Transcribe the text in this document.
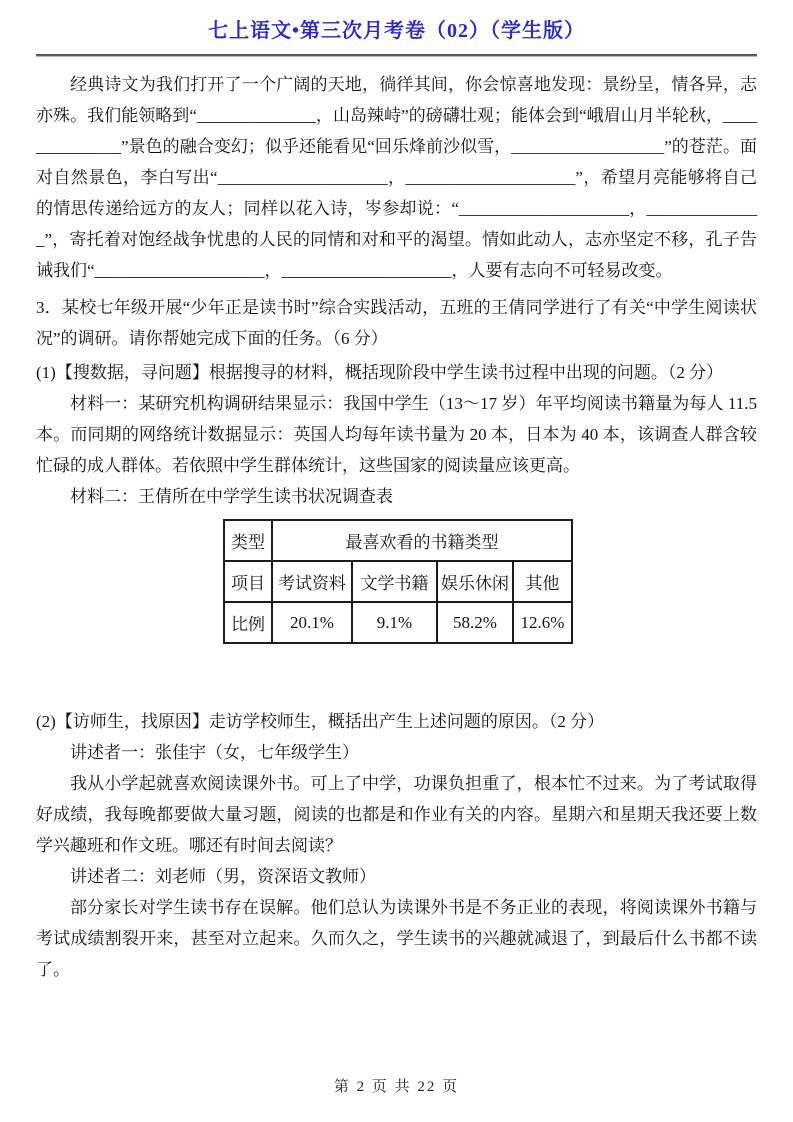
七上语文•第三次月考卷（02）（学生版）

经典诗文为我们打开了一个广阔的天地，徜徉其间，你会惊喜地发现：景纷呈，情各异，志亦殊。我们能领略到“______________，山岛辣峙”的磅礴壮观；能体会到“峨眉山月半轮秋，______________”景色的融合变幻；似乎还能看见“回乐烽前沙似雪，__________________”的苍茫。面对自然景色，李白写出“____________________，____________________”，希望月亮能够将自己的情思传递给远方的友人；同样以花入诗，岑参却说：“____________________，______________”，寄托着对饱经战争忧患的人民的同情和对和平的渴望。情如此动人，志亦坚定不移，孔子告诫我们“____________________，____________________，人要有志向不可轻易改变。

3．某校七年级开展“少年正是读书时”综合实践活动，五班的王倩同学进行了有关“中学生阅读状况”的调研。请你帮她完成下面的任务。（6 分）

(1)【搜数据，寻问题】根据搜寻的材料，概括现阶段中学生读书过程中出现的问题。（2 分）

材料一：某研究机构调研结果显示：我国中学生（13～17 岁）年平均阅读书籍量为每人 11.5 本。而同期的网络统计数据显示：英国人均每年读书量为 20 本，日本为 40 本，该调查人群含较忙碌的成人群体。若依照中学生群体统计，这些国家的阅读量应该更高。

材料二：王倩所在中学学生读书状况调查表

类型	最喜欢看的书籍类型			
项目	考试资料	文学书籍	娱乐休闲	其他
比例	20.1%	9.1%	58.2%	12.6%

(2)【访师生，找原因】走访学校师生，概括出产生上述问题的原因。（2 分）

讲述者一：张佳宇（女，七年级学生）

我从小学起就喜欢阅读课外书。可上了中学，功课负担重了，根本忙不过来。为了考试取得好成绩，我每晚都要做大量习题，阅读的也都是和作业有关的内容。星期六和星期天我还要上数学兴趣班和作文班。哪还有时间去阅读？

讲述者二：刘老师（男，资深语文教师）

部分家长对学生读书存在误解。他们总认为读课外书是不务正业的表现，将阅读课外书籍与考试成绩割裂开来，甚至对立起来。久而久之，学生读书的兴趣就减退了，到最后什么书都不读了。

第 2 页 共 22 页
